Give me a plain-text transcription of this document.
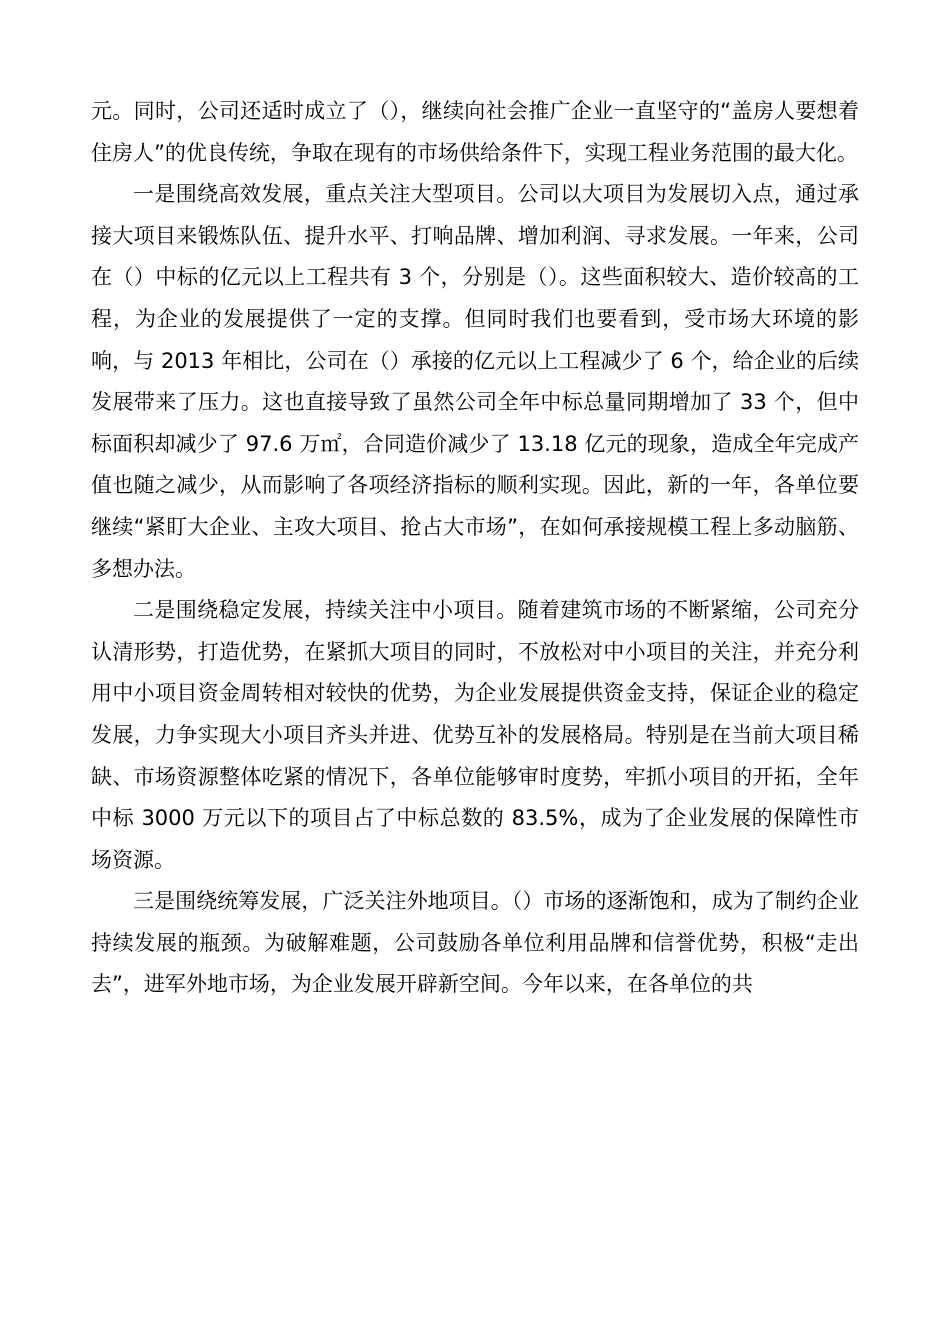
元。同时，公司还适时成立了（），继续向社会推广企业一直坚守的“盖房人要想着住房人”的优良传统，争取在现有的市场供给条件下，实现工程业务范围的最大化。

一是围绕高效发展，重点关注大型项目。公司以大项目为发展切入点，通过承接大项目来锻炼队伍、提升水平、打响品牌、增加利润、寻求发展。一年来，公司在（）中标的亿元以上工程共有 3 个，分别是（）。这些面积较大、造价较高的工程，为企业的发展提供了一定的支撑。但同时我们也要看到，受市场大环境的影响，与 2013 年相比，公司在（）承接的亿元以上工程减少了 6 个，给企业的后续发展带来了压力。这也直接导致了虽然公司全年中标总量同期增加了 33 个，但中标面积却减少了 97.6 万㎡，合同造价减少了 13.18 亿元的现象，造成全年完成产值也随之减少，从而影响了各项经济指标的顺利实现。因此，新的一年，各单位要继续“紧盯大企业、主攻大项目、抢占大市场”，在如何承接规模工程上多动脑筋、多想办法。

二是围绕稳定发展，持续关注中小项目。随着建筑市场的不断紧缩，公司充分认清形势，打造优势，在紧抓大项目的同时，不放松对中小项目的关注，并充分利用中小项目资金周转相对较快的优势，为企业发展提供资金支持，保证企业的稳定发展，力争实现大小项目齐头并进、优势互补的发展格局。特别是在当前大项目稀缺、市场资源整体吃紧的情况下，各单位能够审时度势，牢抓小项目的开拓，全年中标 3000 万元以下的项目占了中标总数的 83.5%，成为了企业发展的保障性市场资源。

三是围绕统筹发展，广泛关注外地项目。（）市场的逐渐饱和，成为了制约企业持续发展的瓶颈。为破解难题，公司鼓励各单位利用品牌和信誉优势，积极“走出去”，进军外地市场，为企业发展开辟新空间。今年以来，在各单位的共
